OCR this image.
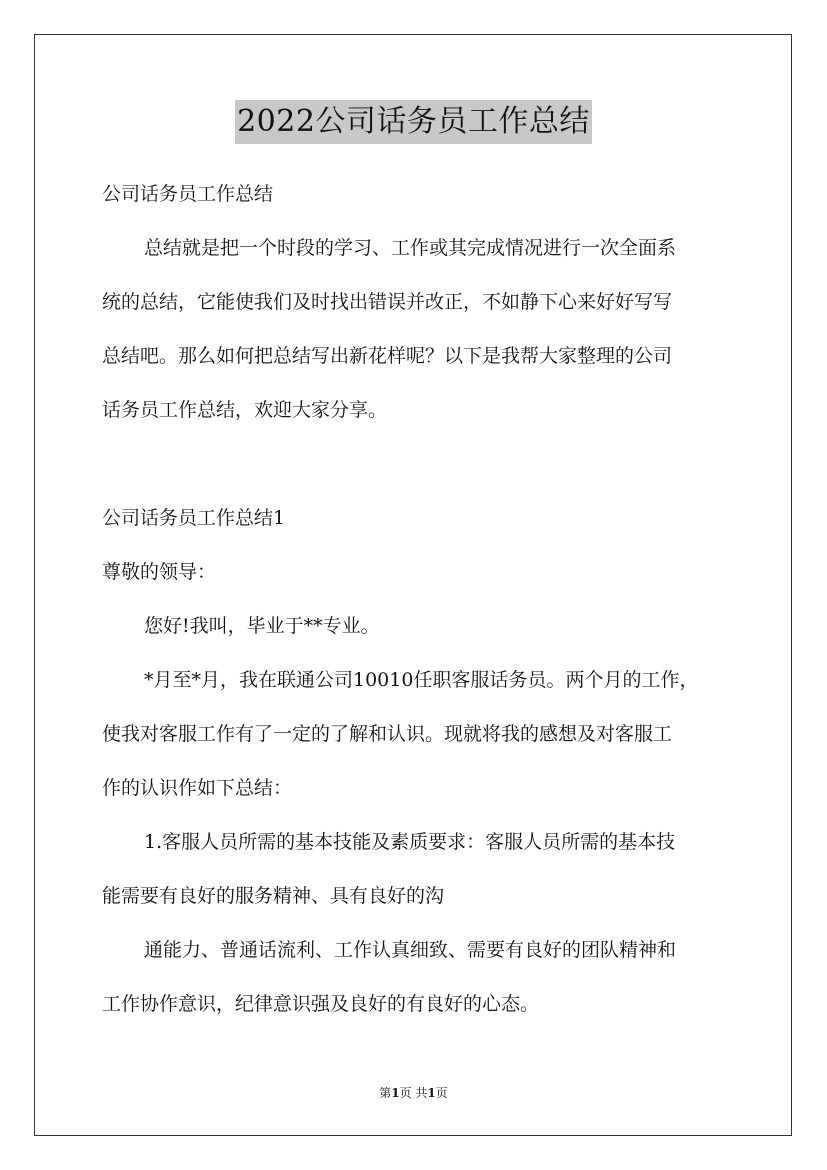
2022公司话务员工作总结
公司话务员工作总结
总结就是把一个时段的学习、工作或其完成情况进行一次全面系
统的总结，它能使我们及时找出错误并改正，不如静下心来好好写写
总结吧。那么如何把总结写出新花样呢？以下是我帮大家整理的公司
话务员工作总结，欢迎大家分享。
公司话务员工作总结1
尊敬的领导：
您好!我叫，毕业于**专业。
*月至*月，我在联通公司10010任职客服话务员。两个月的工作，
使我对客服工作有了一定的了解和认识。现就将我的感想及对客服工
作的认识作如下总结：
1.客服人员所需的基本技能及素质要求：客服人员所需的基本技
能需要有良好的服务精神、具有良好的沟
通能力、普通话流利、工作认真细致、需要有良好的团队精神和
工作协作意识，纪律意识强及良好的有良好的心态。
第1页 共1页
